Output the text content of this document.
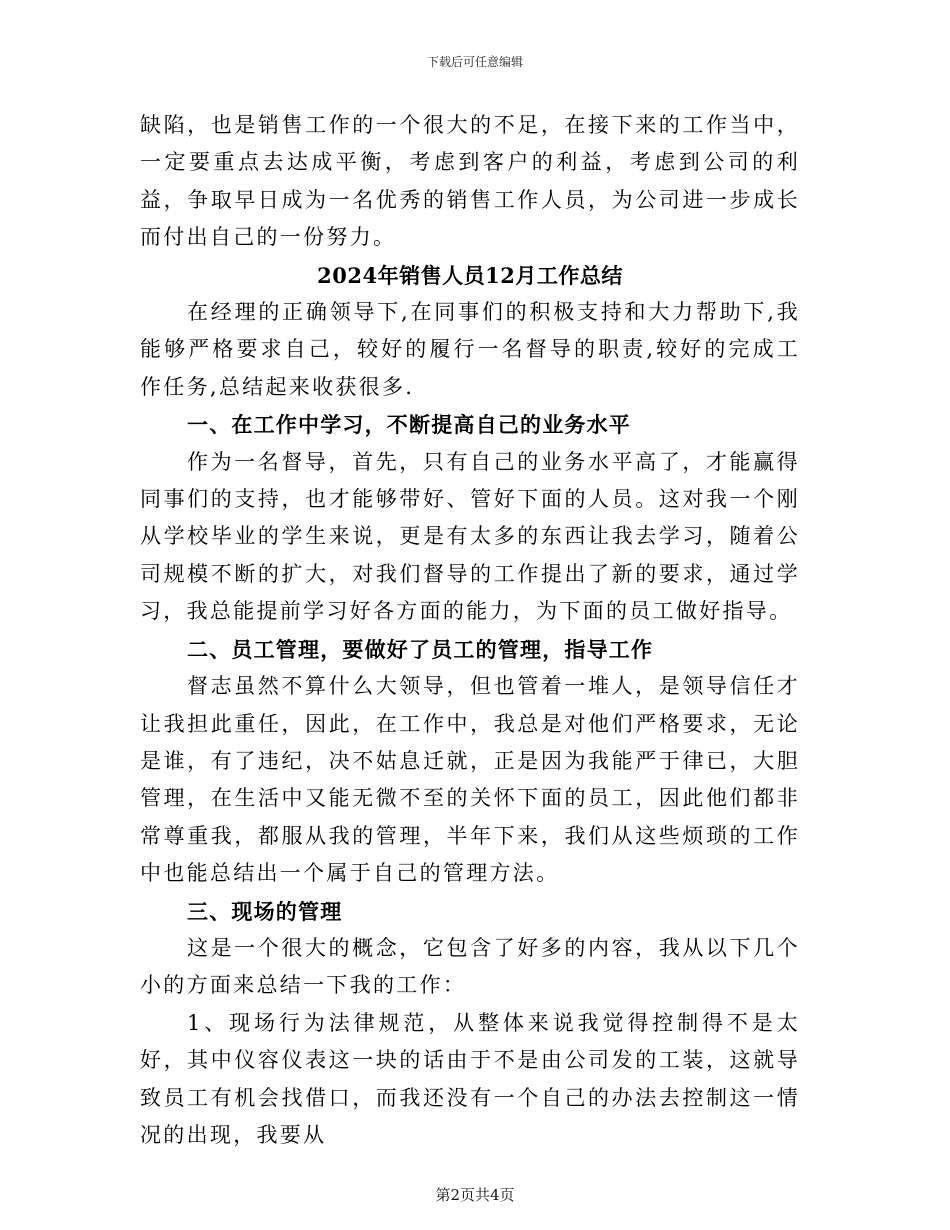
下载后可任意编辑

缺陷，也是销售工作的一个很大的不足，在接下来的工作当中，一定要重点去达成平衡，考虑到客户的利益，考虑到公司的利益，争取早日成为一名优秀的销售工作人员，为公司进一步成长而付出自己的一份努力。

2024年销售人员12月工作总结

在经理的正确领导下,在同事们的积极支持和大力帮助下,我能够严格要求自己，较好的履行一名督导的职责,较好的完成工作任务,总结起来收获很多.

一、在工作中学习，不断提高自己的业务水平

作为一名督导，首先，只有自己的业务水平高了，才能赢得同事们的支持，也才能够带好、管好下面的人员。这对我一个刚从学校毕业的学生来说，更是有太多的东西让我去学习，随着公司规模不断的扩大，对我们督导的工作提出了新的要求，通过学习，我总能提前学习好各方面的能力，为下面的员工做好指导。

二、员工管理，要做好了员工的管理，指导工作

督志虽然不算什么大领导，但也管着一堆人，是领导信任才让我担此重任，因此，在工作中，我总是对他们严格要求，无论是谁，有了违纪，决不姑息迁就，正是因为我能严于律已，大胆管理，在生活中又能无微不至的关怀下面的员工，因此他们都非常尊重我，都服从我的管理，半年下来，我们从这些烦琐的工作中也能总结出一个属于自己的管理方法。

三、现场的管理

这是一个很大的概念，它包含了好多的内容，我从以下几个小的方面来总结一下我的工作：

1、现场行为法律规范，从整体来说我觉得控制得不是太好，其中仪容仪表这一块的话由于不是由公司发的工装，这就导致员工有机会找借口，而我还没有一个自己的办法去控制这一情况的出现，我要从

第2页共4页
